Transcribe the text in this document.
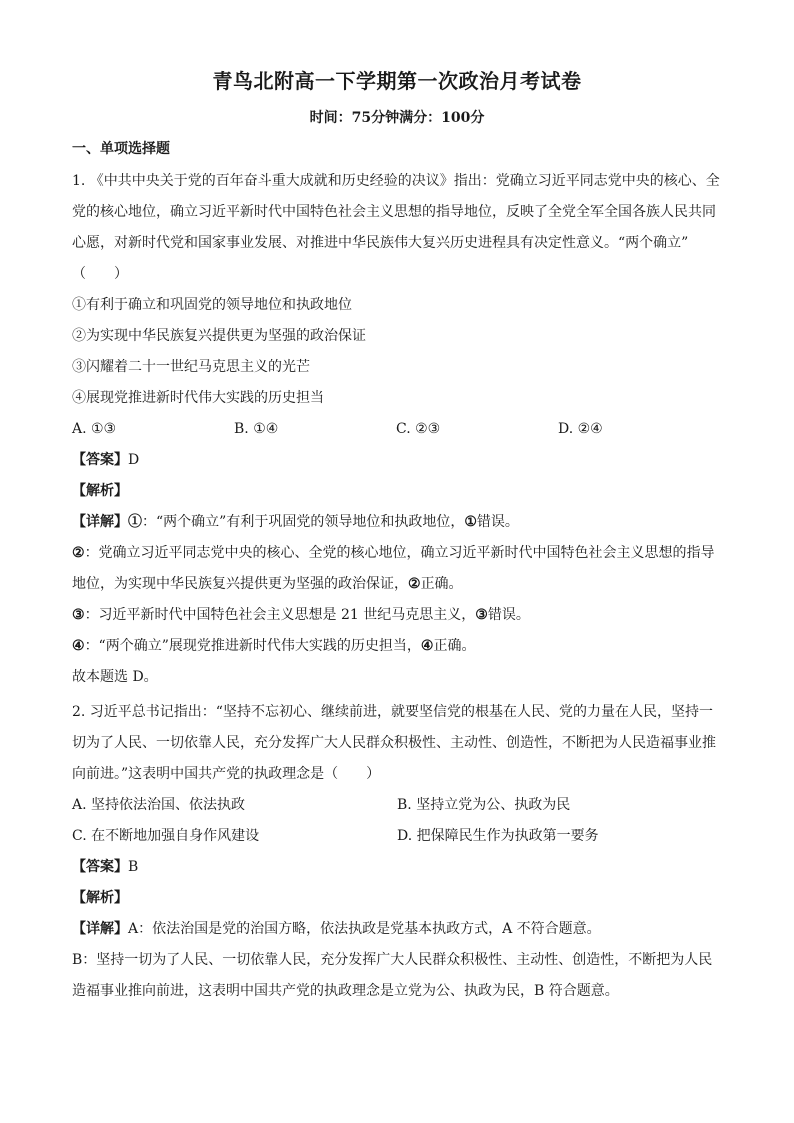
青鸟北附高一下学期第一次政治月考试卷
时间：75分钟满分：100分
一、单项选择题

1. 《中共中央关于党的百年奋斗重大成就和历史经验的决议》指出：党确立习近平同志党中央的核心、全

党的核心地位，确立习近平新时代中国特色社会主义思想的指导地位，反映了全党全军全国各族人民共同

心愿，对新时代党和国家事业发展、对推进中华民族伟大复兴历史进程具有决定性意义。“两个确立”

（　　）

①有利于确立和巩固党的领导地位和执政地位

②为实现中华民族复兴提供更为坚强的政治保证

③闪耀着二十一世纪马克思主义的光芒

④展现党推进新时代伟大实践的历史担当

A. ①③	B. ①④	C. ②③	D. ②④

【答案】D

【解析】

【详解】①：“两个确立”有利于巩固党的领导地位和执政地位，①错误。

②：党确立习近平同志党中央的核心、全党的核心地位，确立习近平新时代中国特色社会主义思想的指导

地位，为实现中华民族复兴提供更为坚强的政治保证，②正确。

③：习近平新时代中国特色社会主义思想是 21 世纪马克思主义，③错误。

④：“两个确立”展现党推进新时代伟大实践的历史担当，④正确。

故本题选 D。

2. 习近平总书记指出：“坚持不忘初心、继续前进，就要坚信党的根基在人民、党的力量在人民，坚持一

切为了人民、一切依靠人民，充分发挥广大人民群众积极性、主动性、创造性，不断把为人民造福事业推

向前进。”这表明中国共产党的执政理念是（　　）

A. 坚持依法治国、依法执政	B. 坚持立党为公、执政为民
C. 在不断地加强自身作风建设	D. 把保障民生作为执政第一要务

【答案】B

【解析】

【详解】A：依法治国是党的治国方略，依法执政是党基本执政方式，A 不符合题意。

B：坚持一切为了人民、一切依靠人民，充分发挥广大人民群众积极性、主动性、创造性，不断把为人民

造福事业推向前进，这表明中国共产党的执政理念是立党为公、执政为民，B 符合题意。
